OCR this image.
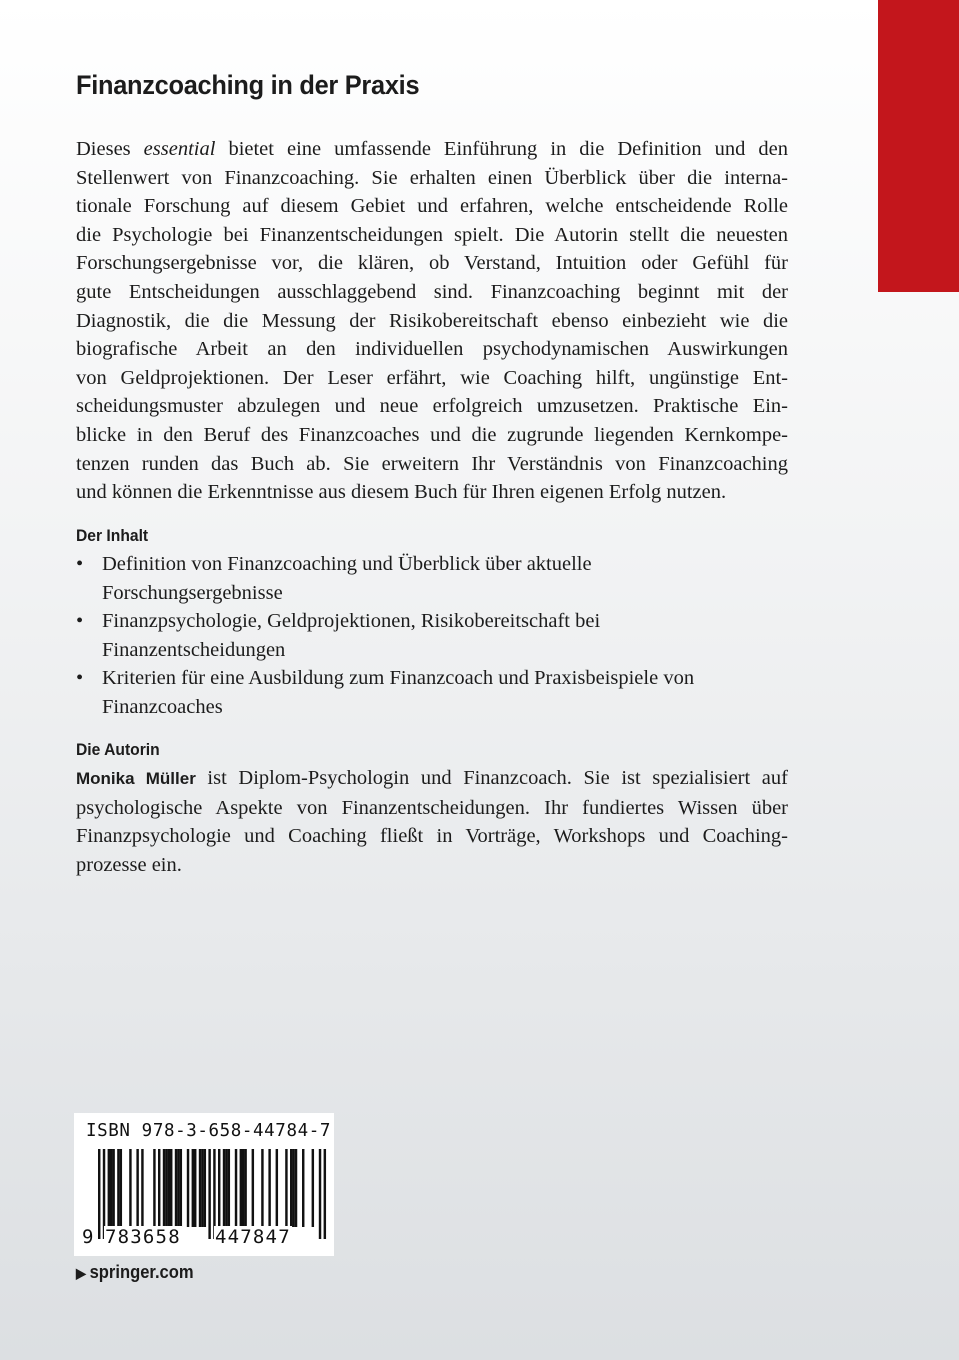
Finanzcoaching in der Praxis
Dieses essential bietet eine umfassende Einführung in die Definition und den
Stellenwert von Finanzcoaching. Sie erhalten einen Überblick über die interna-
tionale Forschung auf diesem Gebiet und erfahren, welche entscheidende Rolle
die Psychologie bei Finanzentscheidungen spielt. Die Autorin stellt die neuesten
Forschungsergebnisse vor, die klären, ob Verstand, Intuition oder Gefühl für
gute Entscheidungen ausschlaggebend sind. Finanzcoaching beginnt mit der
Diagnostik, die die Messung der Risikobereitschaft ebenso einbezieht wie die
biografische Arbeit an den individuellen psychodynamischen Auswirkungen
von Geldprojektionen. Der Leser erfährt, wie Coaching hilft, ungünstige Ent-
scheidungsmuster abzulegen und neue erfolgreich umzusetzen. Praktische Ein-
blicke in den Beruf des Finanzcoaches und die zugrunde liegenden Kernkompe-
tenzen runden das Buch ab. Sie erweitern Ihr Verständnis von Finanzcoaching
und können die Erkenntnisse aus diesem Buch für Ihren eigenen Erfolg nutzen.
Der Inhalt
• Definition von Finanzcoaching und Überblick über aktuelle
Forschungsergebnisse
• Finanzpsychologie, Geldprojektionen, Risikobereitschaft bei
Finanzentscheidungen
• Kriterien für eine Ausbildung zum Finanzcoach und Praxisbeispiele von
Finanzcoaches
Die Autorin
Monika Müller ist Diplom-Psychologin und Finanzcoach. Sie ist spezialisiert auf
psychologische Aspekte von Finanzentscheidungen. Ihr fundiertes Wissen über
Finanzpsychologie und Coaching fließt in Vorträge, Workshops und Coaching-
prozesse ein.
ISBN 978-3-658-44784-7
9 783658 447847
▶ springer.com
